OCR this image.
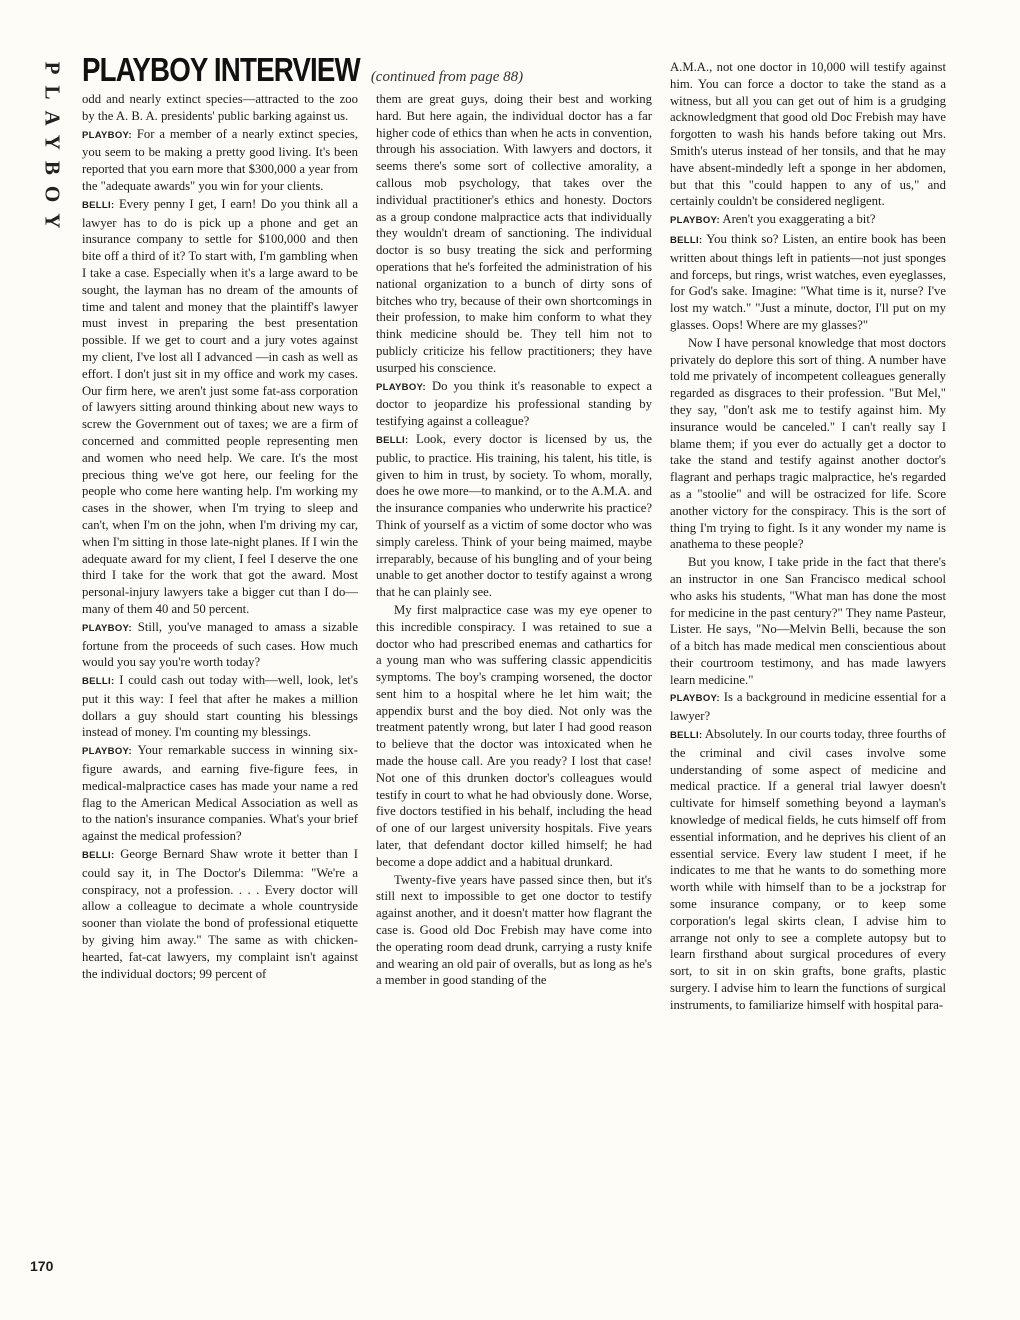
PLAYBOY PLAYBOY INTERVIEW (continued from page 88)

odd and nearly extinct species—attracted to the zoo by the A. B. A. presidents' public barking against us.

PLAYBOY: For a member of a nearly extinct species, you seem to be making a pretty good living. It's been reported that you earn more that $300,000 a year from the "adequate awards" you win for your clients.

BELLI: Every penny I get, I earn! Do you think all a lawyer has to do is pick up a phone and get an insurance company to settle for $100,000 and then bite off a third of it? To start with, I'm gambling when I take a case. Especially when it's a large award to be sought, the layman has no dream of the amounts of time and talent and money that the plaintiff's lawyer must invest in preparing the best presentation possible. If we get to court and a jury votes against my client, I've lost all I advanced —in cash as well as effort. I don't just sit in my office and work my cases. Our firm here, we aren't just some fat-ass corporation of lawyers sitting around thinking about new ways to screw the Government out of taxes; we are a firm of concerned and committed people representing men and women who need help. We care. It's the most precious thing we've got here, our feeling for the people who come here wanting help. I'm working my cases in the shower, when I'm trying to sleep and can't, when I'm on the john, when I'm driving my car, when I'm sitting in those late-night planes. If I win the adequate award for my client, I feel I deserve the one third I take for the work that got the award. Most personal-injury lawyers take a bigger cut than I do—many of them 40 and 50 percent.

PLAYBOY: Still, you've managed to amass a sizable fortune from the proceeds of such cases. How much would you say you're worth today?

BELLI: I could cash out today with—well, look, let's put it this way: I feel that after he makes a million dollars a guy should start counting his blessings instead of money. I'm counting my blessings.

PLAYBOY: Your remarkable success in winning six-figure awards, and earning five-figure fees, in medical-malpractice cases has made your name a red flag to the American Medical Association as well as to the nation's insurance companies. What's your brief against the medical profession?

BELLI: George Bernard Shaw wrote it better than I could say it, in The Doctor's Dilemma: "We're a conspiracy, not a profession. . . . Every doctor will allow a colleague to decimate a whole countryside sooner than violate the bond of professional etiquette by giving him away." The same as with chicken-hearted, fat-cat lawyers, my complaint isn't against the individual doctors; 99 percent of

them are great guys, doing their best and working hard. But here again, the individual doctor has a far higher code of ethics than when he acts in convention, through his association. With lawyers and doctors, it seems there's some sort of collective amorality, a callous mob psychology, that takes over the individual practitioner's ethics and honesty. Doctors as a group condone malpractice acts that individually they wouldn't dream of sanctioning. The individual doctor is so busy treating the sick and performing operations that he's forfeited the administration of his national organization to a bunch of dirty sons of bitches who try, because of their own shortcomings in their profession, to make him conform to what they think medicine should be. They tell him not to publicly criticize his fellow practitioners; they have usurped his conscience.

PLAYBOY: Do you think it's reasonable to expect a doctor to jeopardize his professional standing by testifying against a colleague?

BELLI: Look, every doctor is licensed by us, the public, to practice. His training, his talent, his title, is given to him in trust, by society. To whom, morally, does he owe more—to mankind, or to the A.M.A. and the insurance companies who underwrite his practice? Think of yourself as a victim of some doctor who was simply careless. Think of your being maimed, maybe irreparably, because of his bungling and of your being unable to get another doctor to testify against a wrong that he can plainly see.

My first malpractice case was my eye opener to this incredible conspiracy. I was retained to sue a doctor who had prescribed enemas and cathartics for a young man who was suffering classic appendicitis symptoms. The boy's cramping worsened, the doctor sent him to a hospital where he let him wait; the appendix burst and the boy died. Not only was the treatment patently wrong, but later I had good reason to believe that the doctor was intoxicated when he made the house call. Are you ready? I lost that case! Not one of this drunken doctor's colleagues would testify in court to what he had obviously done. Worse, five doctors testified in his behalf, including the head of one of our largest university hospitals. Five years later, that defendant doctor killed himself; he had become a dope addict and a habitual drunkard.

Twenty-five years have passed since then, but it's still next to impossible to get one doctor to testify against another, and it doesn't matter how flagrant the case is. Good old Doc Frebish may have come into the operating room dead drunk, carrying a rusty knife and wearing an old pair of overalls, but as long as he's a member in good standing of the

A.M.A., not one doctor in 10,000 will testify against him. You can force a doctor to take the stand as a witness, but all you can get out of him is a grudging acknowledgment that good old Doc Frebish may have forgotten to wash his hands before taking out Mrs. Smith's uterus instead of her tonsils, and that he may have absent-mindedly left a sponge in her abdomen, but that this "could happen to any of us," and certainly couldn't be considered negligent.

PLAYBOY: Aren't you exaggerating a bit?

BELLI: You think so? Listen, an entire book has been written about things left in patients—not just sponges and forceps, but rings, wrist watches, even eyeglasses, for God's sake. Imagine: "What time is it, nurse? I've lost my watch." "Just a minute, doctor, I'll put on my glasses. Oops! Where are my glasses?"

Now I have personal knowledge that most doctors privately do deplore this sort of thing. A number have told me privately of incompetent colleagues generally regarded as disgraces to their profession. "But Mel," they say, "don't ask me to testify against him. My insurance would be canceled." I can't really say I blame them; if you ever do actually get a doctor to take the stand and testify against another doctor's flagrant and perhaps tragic malpractice, he's regarded as a "stoolie" and will be ostracized for life. Score another victory for the conspiracy. This is the sort of thing I'm trying to fight. Is it any wonder my name is anathema to these people?

But you know, I take pride in the fact that there's an instructor in one San Francisco medical school who asks his students, "What man has done the most for medicine in the past century?" They name Pasteur, Lister. He says, "No—Melvin Belli, because the son of a bitch has made medical men conscientious about their courtroom testimony, and has made lawyers learn medicine."

PLAYBOY: Is a background in medicine essential for a lawyer?

BELLI: Absolutely. In our courts today, three fourths of the criminal and civil cases involve some understanding of some aspect of medicine and medical practice. If a general trial lawyer doesn't cultivate for himself something beyond a layman's knowledge of medical fields, he cuts himself off from essential information, and he deprives his client of an essential service. Every law student I meet, if he indicates to me that he wants to do something more worth while with himself than to be a jockstrap for some insurance company, or to keep some corporation's legal skirts clean, I advise him to arrange not only to see a complete autopsy but to learn firsthand about surgical procedures of every sort, to sit in on skin grafts, bone grafts, plastic surgery. I advise him to learn the functions of surgical instruments, to familiarize himself with hospital para-

170
